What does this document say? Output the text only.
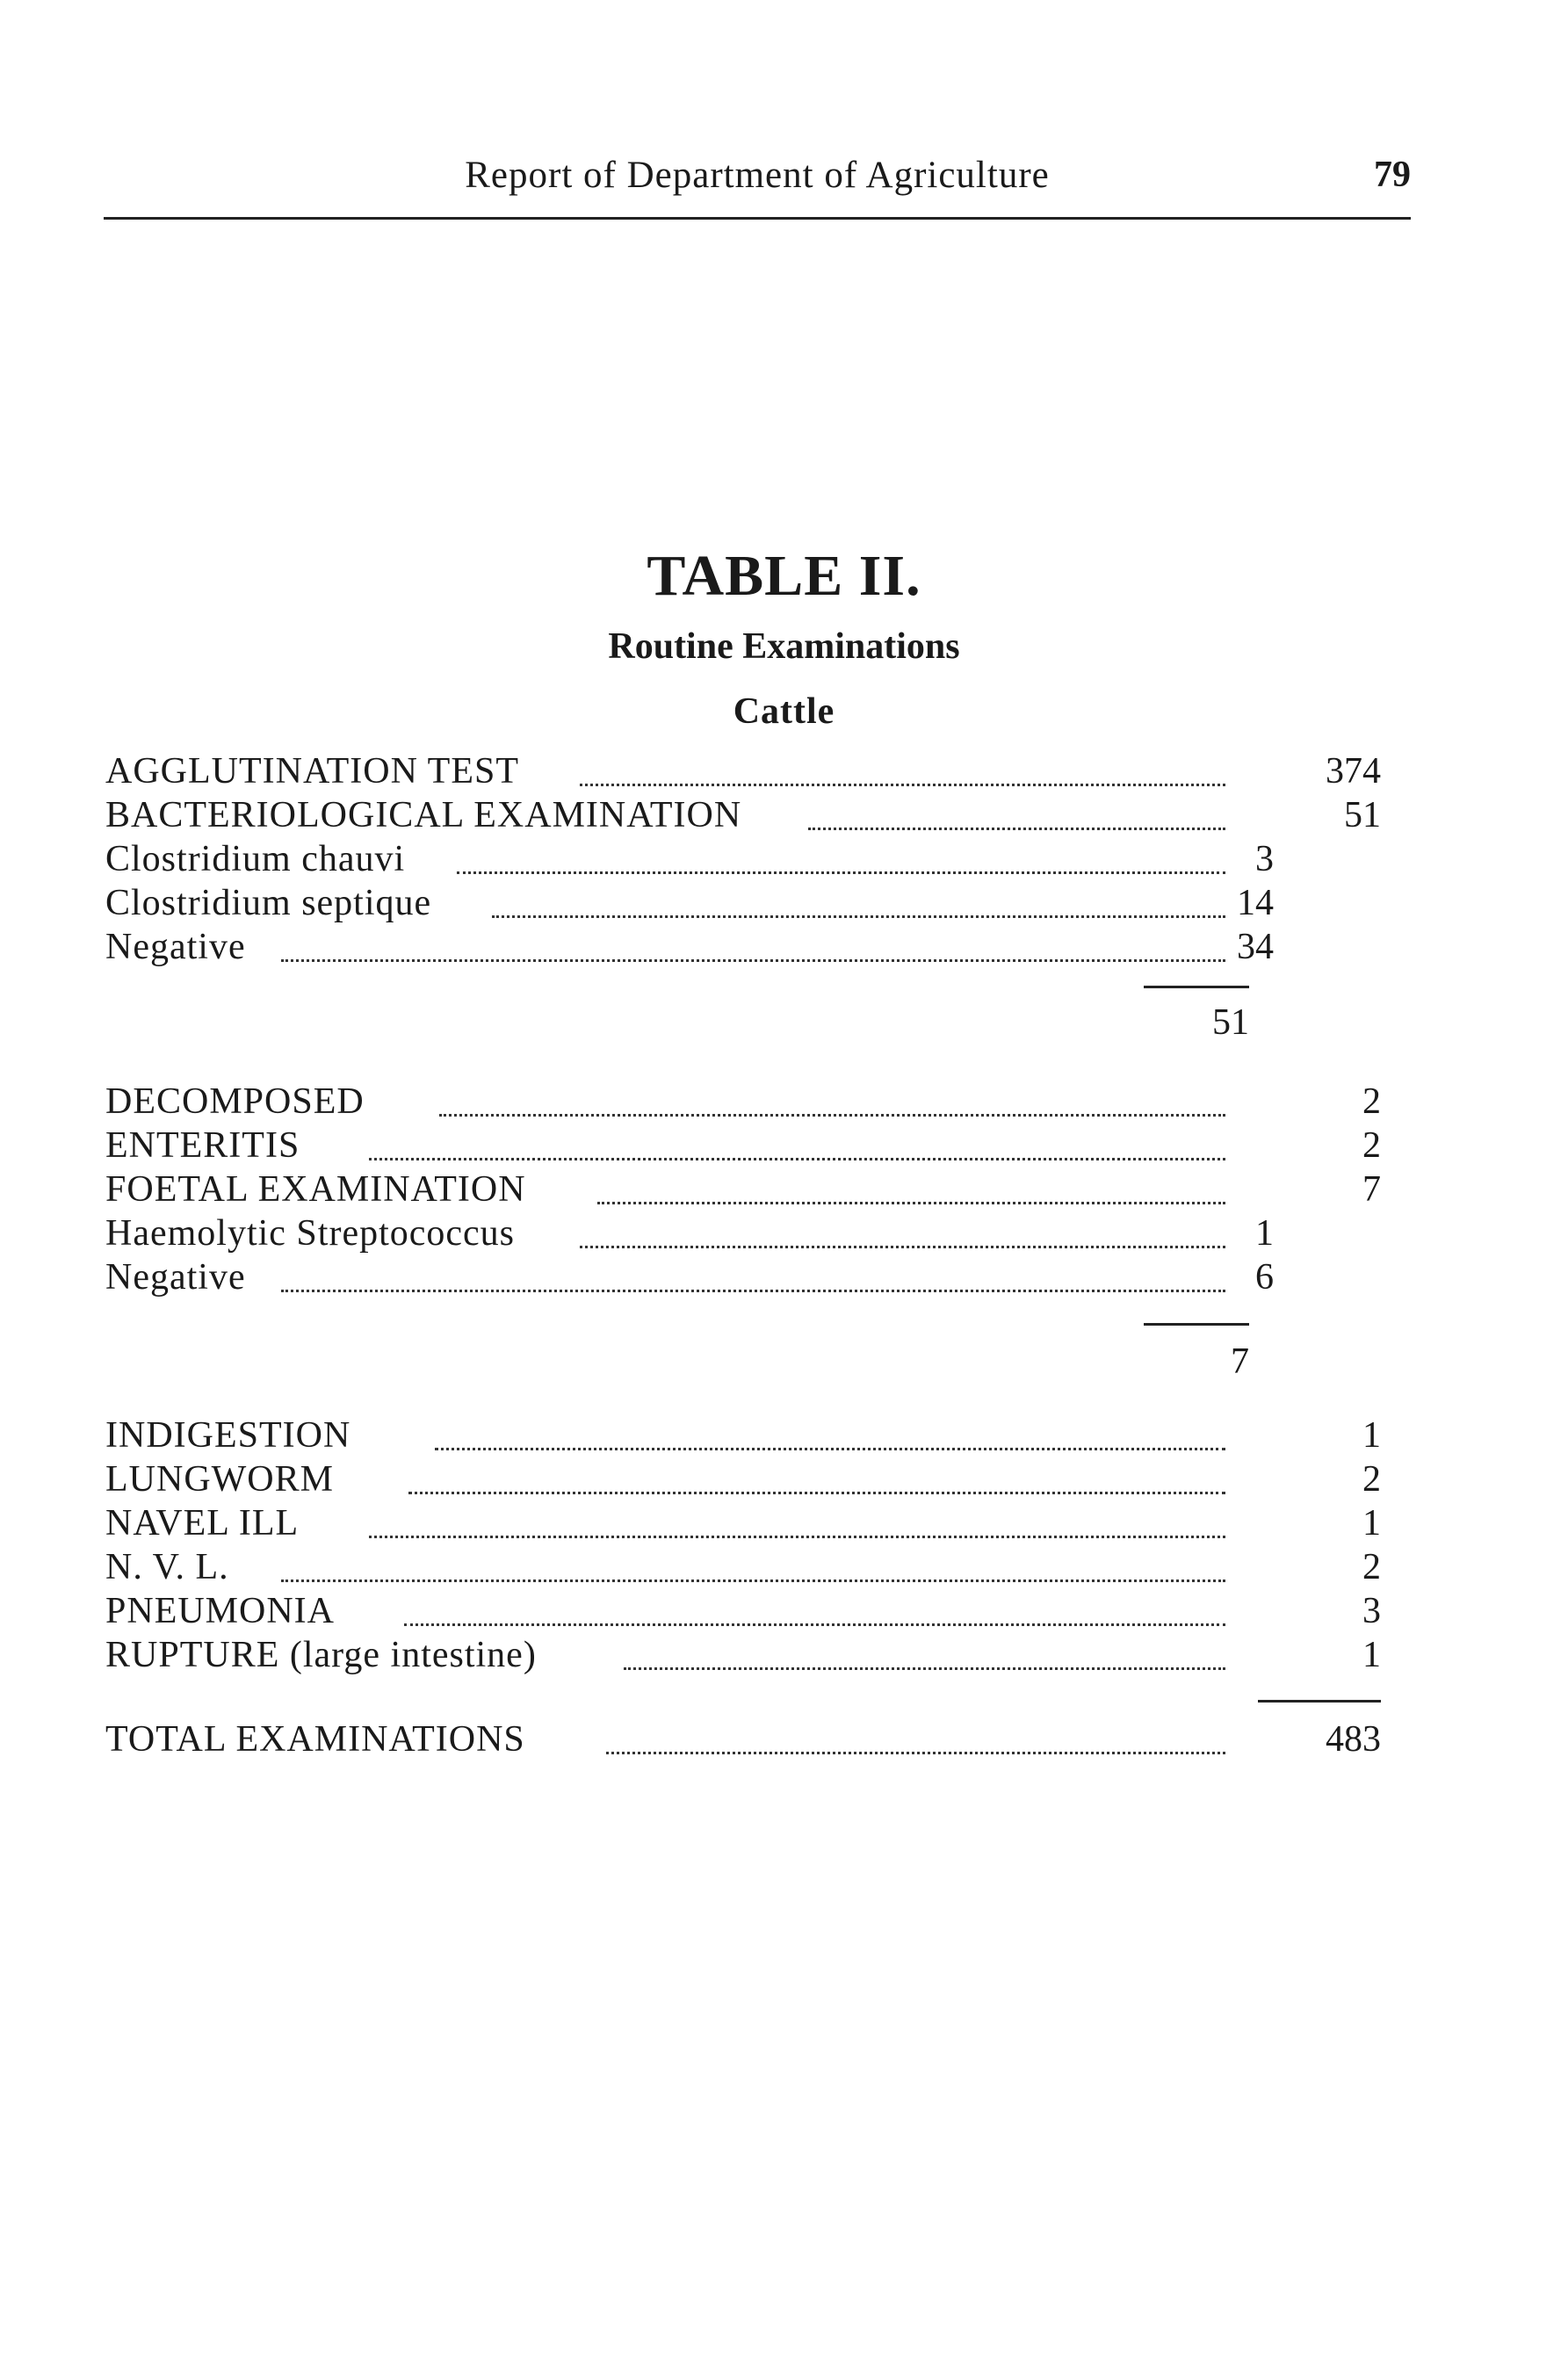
Report of Department of Agriculture	79
TABLE II.
Routine Examinations
Cattle
AGGLUTINATION TEST	374
BACTERIOLOGICAL EXAMINATION	51
Clostridium chauvi	3
Clostridium septique	14
Negative	34
51
DECOMPOSED	2
ENTERITIS	2
FOETAL EXAMINATION	7
Haemolytic Streptococcus	1
Negative	6
7
INDIGESTION	1
LUNGWORM	2
NAVEL ILL	1
N. V. L.	2
PNEUMONIA	3
RUPTURE (large intestine)	1
TOTAL EXAMINATIONS	483
